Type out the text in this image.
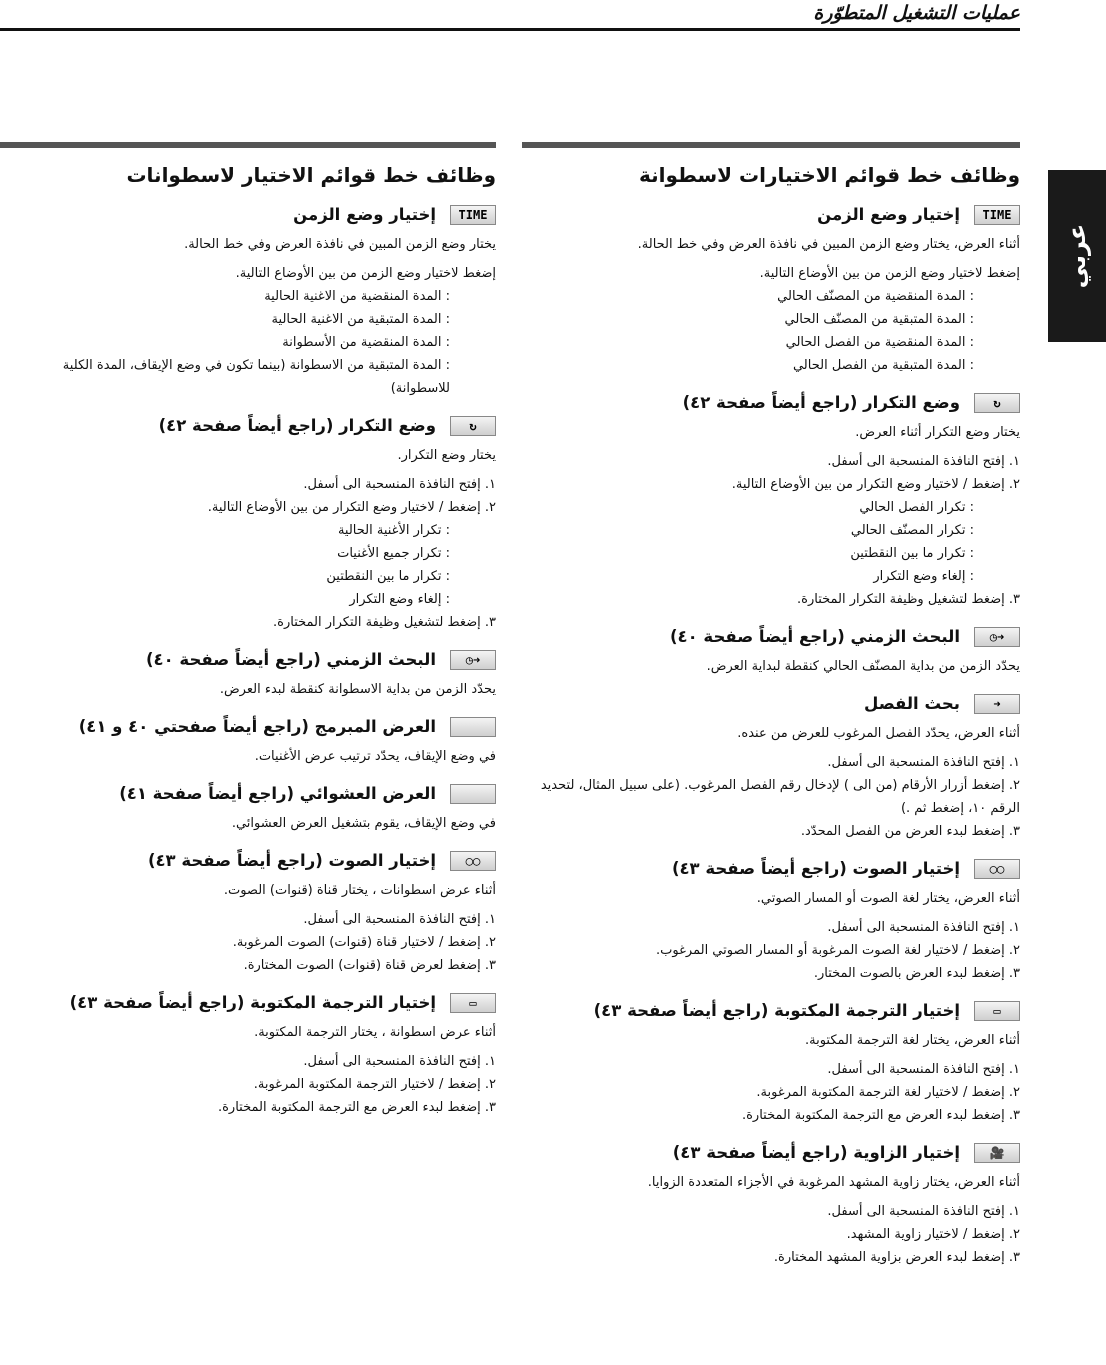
عمليات التشغيل المتطوّرة
عربي
وظائف خط قوائم الاختيارات لاسطوانة
TIME
إختيار وضع الزمن

أثناء العرض، يختار وضع الزمن المبين في نافذة العرض وفي خط الحالة.

إضغط لاختيار وضع الزمن من بين الأوضاع التالية.
: المدة المنقضية من المصنّف الحالي
: المدة المتبقية من المصنّف الحالي
: المدة المنقضية من الفصل الحالي
: المدة المتبقية من الفصل الحالي
↻
وضع التكرار (راجع أيضاً صفحة ٤٢)

يختار وضع التكرار أثناء العرض.

١. إفتح النافذة المنسحبة الى أسفل.
٢. إضغط / لاختيار وضع التكرار من بين الأوضاع التالية.
: تكرار الفصل الحالي
: تكرار المصنّف الحالي
: تكرار ما بين النقطتين
: إلغاء وضع التكرار
٣. إضغط لتشغيل وظيفة التكرار المختارة.
◷➜
البحث الزمني (راجع أيضاً صفحة ٤٠)

يحدّد الزمن من بداية المصنّف الحالي كنقطة لبداية العرض.

➜
بحث الفصل

أثناء العرض، يحدّد الفصل المرغوب للعرض من عنده.

١. إفتح النافذة المنسحبة الى أسفل.
٢. إضغط أزرار الأرقام (من الى ) لإدخال رقم الفصل المرغوب. (على سبيل المثال، لتحديد الرقم ١٠، إضغط ثم .)
٣. إضغط لبدء العرض من الفصل المحدّد.
◯◯
إختيار الصوت (راجع أيضاً صفحة ٤٣)

أثناء العرض، يختار لغة الصوت أو المسار الصوتي.

١. إفتح النافذة المنسحبة الى أسفل.
٢. إضغط / لاختيار لغة الصوت المرغوبة أو المسار الصوتي المرغوب.
٣. إضغط لبدء العرض بالصوت المختار.
▭
إختيار الترجمة المكتوبة (راجع أيضاً صفحة ٤٣)

أثناء العرض، يختار لغة الترجمة المكتوبة.

١. إفتح النافذة المنسحبة الى أسفل.
٢. إضغط / لاختيار لغة الترجمة المكتوبة المرغوبة.
٣. إضغط لبدء العرض مع الترجمة المكتوبة المختارة.
🎥
إختيار الزاوية (راجع أيضاً صفحة ٤٣)

أثناء العرض، يختار زاوية المشهد المرغوبة في الأجزاء المتعددة الزوايا.

١. إفتح النافذة المنسحبة الى أسفل.
٢. إضغط / لاختيار زاوية المشهد.
٣. إضغط لبدء العرض بزاوية المشهد المختارة.
وظائف خط قوائم الاختيار لاسطوانات
TIME
إختيار وضع الزمن

يختار وضع الزمن المبين في نافذة العرض وفي خط الحالة.

إضغط لاختيار وضع الزمن من بين الأوضاع التالية.
: المدة المنقضية من الاغنية الحالية
: المدة المتبقية من الاغنية الحالية
: المدة المنقضية من الأسطوانة
: المدة المتبقية من الاسطوانة (بينما تكون في وضع الإيقاف، المدة الكلية للاسطوانة)
↻
وضع التكرار (راجع أيضاً صفحة ٤٢)

يختار وضع التكرار.

١. إفتح النافذة المنسحبة الى أسفل.
٢. إضغط / لاختيار وضع التكرار من بين الأوضاع التالية.
: تكرار الأغنية الحالية
: تكرار جميع الأغنيات
: تكرار ما بين النقطتين
: إلغاء وضع التكرار
٣. إضغط لتشغيل وظيفة التكرار المختارة.
◷➜
البحث الزمني (راجع أيضاً صفحة ٤٠)

يحدّد الزمن من بداية الاسطوانة كنقطة لبدء العرض.

العرض المبرمج (راجع أيضاً صفحتي ٤٠ و ٤١)

في وضع الإيقاف، يحدّد ترتيب عرض الأغنيات.

العرض العشوائي (راجع أيضاً صفحة ٤١)

في وضع الإيقاف، يقوم بتشغيل العرض العشوائي.

◯◯
إختيار الصوت (راجع أيضاً صفحة ٤٣)

أثناء عرض اسطوانات ، يختار قناة (قنوات) الصوت.

١. إفتح النافذة المنسحبة الى أسفل.
٢. إضغط / لاختيار قناة (قنوات) الصوت المرغوبة.
٣. إضغط لعرض قناة (قنوات) الصوت المختارة.
▭
إختيار الترجمة المكتوبة (راجع أيضاً صفحة ٤٣)

أثناء عرض اسطوانة ، يختار الترجمة المكتوبة.

١. إفتح النافذة المنسحبة الى أسفل.
٢. إضغط / لاختيار الترجمة المكتوبة المرغوبة.
٣. إضغط لبدء العرض مع الترجمة المكتوبة المختارة.
